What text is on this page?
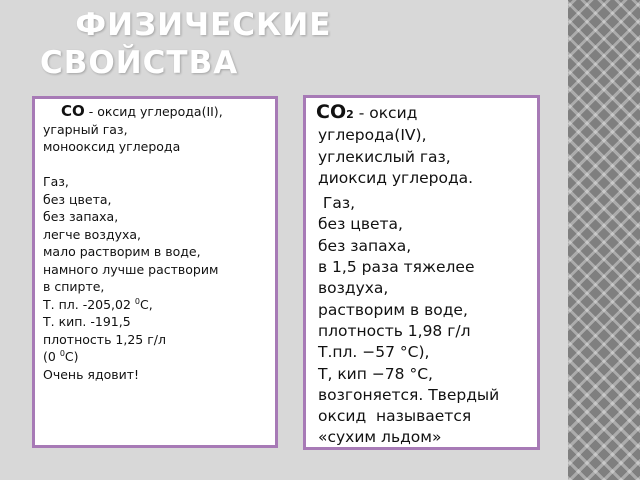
ФИЗИЧЕСКИЕ
СВОЙСТВА
CO - оксид углерода(II),
угарный газ,
монооксид углерода

Газ,
без цвета,
без запаха,
легче воздуха,
мало растворим в воде,
намного лучше растворим
в спирте,
Т. пл. -205,02 $^0$С,
Т. кип. -191,5
плотность 1,25 г/л
(0 $^0$С)
Очень ядовит!
CO2 - оксид
углерода(IV),
углекислый газ,
диоксид углерода.
Газ,
без цвета,
без запаха,
в 1,5 раза тяжелее
воздуха,
растворим в воде,
плотность 1,98 г/л
Т.пл. −57 °C),
Т, кип −78 °C,
возгоняется. Твердый
оксид  называется
«сухим льдом»
